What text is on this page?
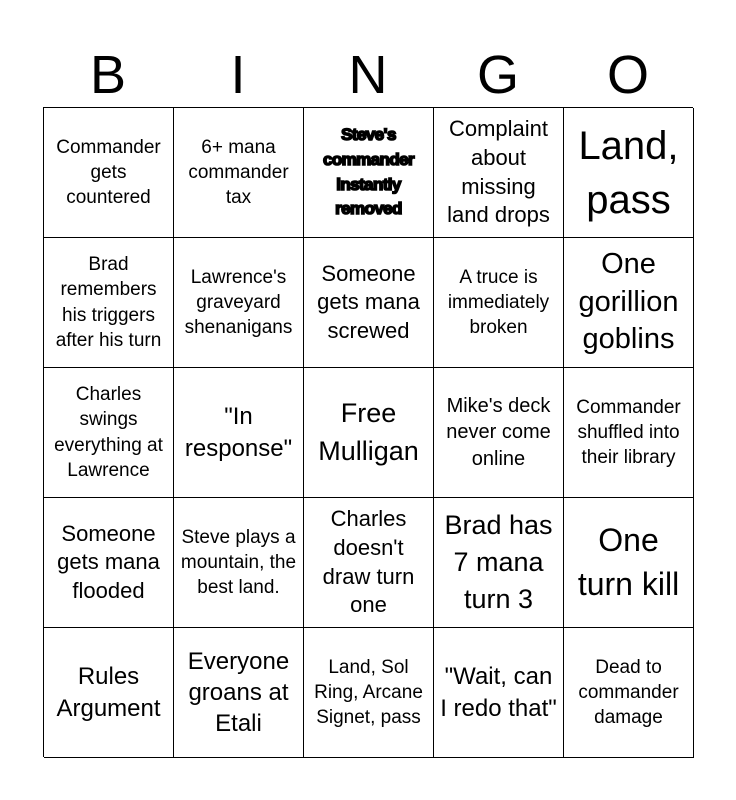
B	I	N	G	O
Commander gets countered
6+ mana commander tax
Steve's commander instantly removed
Complaint about missing land drops
Land, pass
Brad remembers his triggers after his turn
Lawrence's graveyard shenanigans
Someone gets mana screwed
A truce is immediately broken
One gorillion goblins
Charles swings everything at Lawrence
"In response"
Free Mulligan
Mike's deck never come online
Commander shuffled into their library
Someone gets mana flooded
Steve plays a mountain, the best land.
Charles doesn't draw turn one
Brad has 7 mana turn 3
One turn kill
Rules Argument
Everyone groans at Etali
Land, Sol Ring, Arcane Signet, pass
"Wait, can I redo that"
Dead to commander damage
